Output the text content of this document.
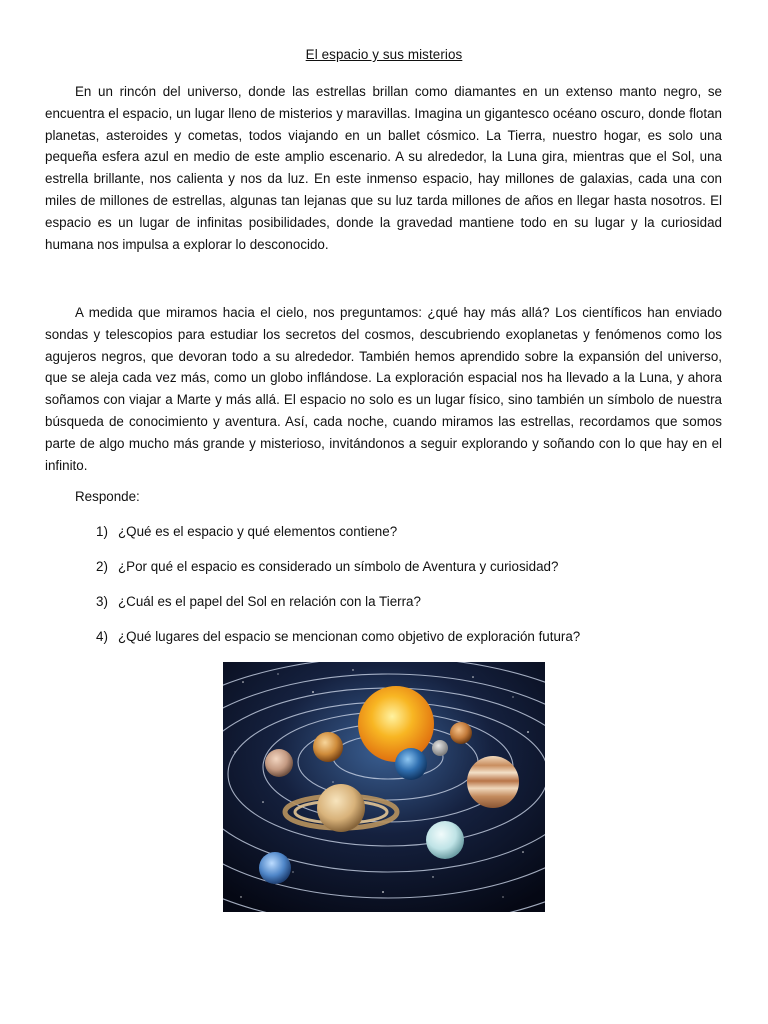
El espacio y sus misterios

En un rincón del universo, donde las estrellas brillan como diamantes en un extenso manto negro, se encuentra el espacio, un lugar lleno de misterios y maravillas. Imagina un gigantesco océano oscuro, donde flotan planetas, asteroides y cometas, todos viajando en un ballet cósmico. La Tierra, nuestro hogar, es solo una pequeña esfera azul en medio de este amplio escenario. A su alrededor, la Luna gira, mientras que el Sol, una estrella brillante, nos calienta y nos da luz. En este inmenso espacio, hay millones de galaxias, cada una con miles de millones de estrellas, algunas tan lejanas que su luz tarda millones de años en llegar hasta nosotros. El espacio es un lugar de infinitas posibilidades, donde la gravedad mantiene todo en su lugar y la curiosidad humana nos impulsa a explorar lo desconocido.

A medida que miramos hacia el cielo, nos preguntamos: ¿qué hay más allá? Los científicos han enviado sondas y telescopios para estudiar los secretos del cosmos, descubriendo exoplanetas y fenómenos como los agujeros negros, que devoran todo a su alrededor. También hemos aprendido sobre la expansión del universo, que se aleja cada vez más, como un globo inflándose. La exploración espacial nos ha llevado a la Luna, y ahora soñamos con viajar a Marte y más allá. El espacio no solo es un lugar físico, sino también un símbolo de nuestra búsqueda de conocimiento y aventura. Así, cada noche, cuando miramos las estrellas, recordamos que somos parte de algo mucho más grande y misterioso, invitándonos a seguir explorando y soñando con lo que hay en el infinito.

Responde:
1) ¿Qué es el espacio y qué elementos contiene?
2) ¿Por qué el espacio es considerado un símbolo de Aventura y curiosidad?
3) ¿Cuál es el papel del Sol en relación con la Tierra?
4) ¿Qué lugares del espacio se mencionan como objetivo de exploración futura?
